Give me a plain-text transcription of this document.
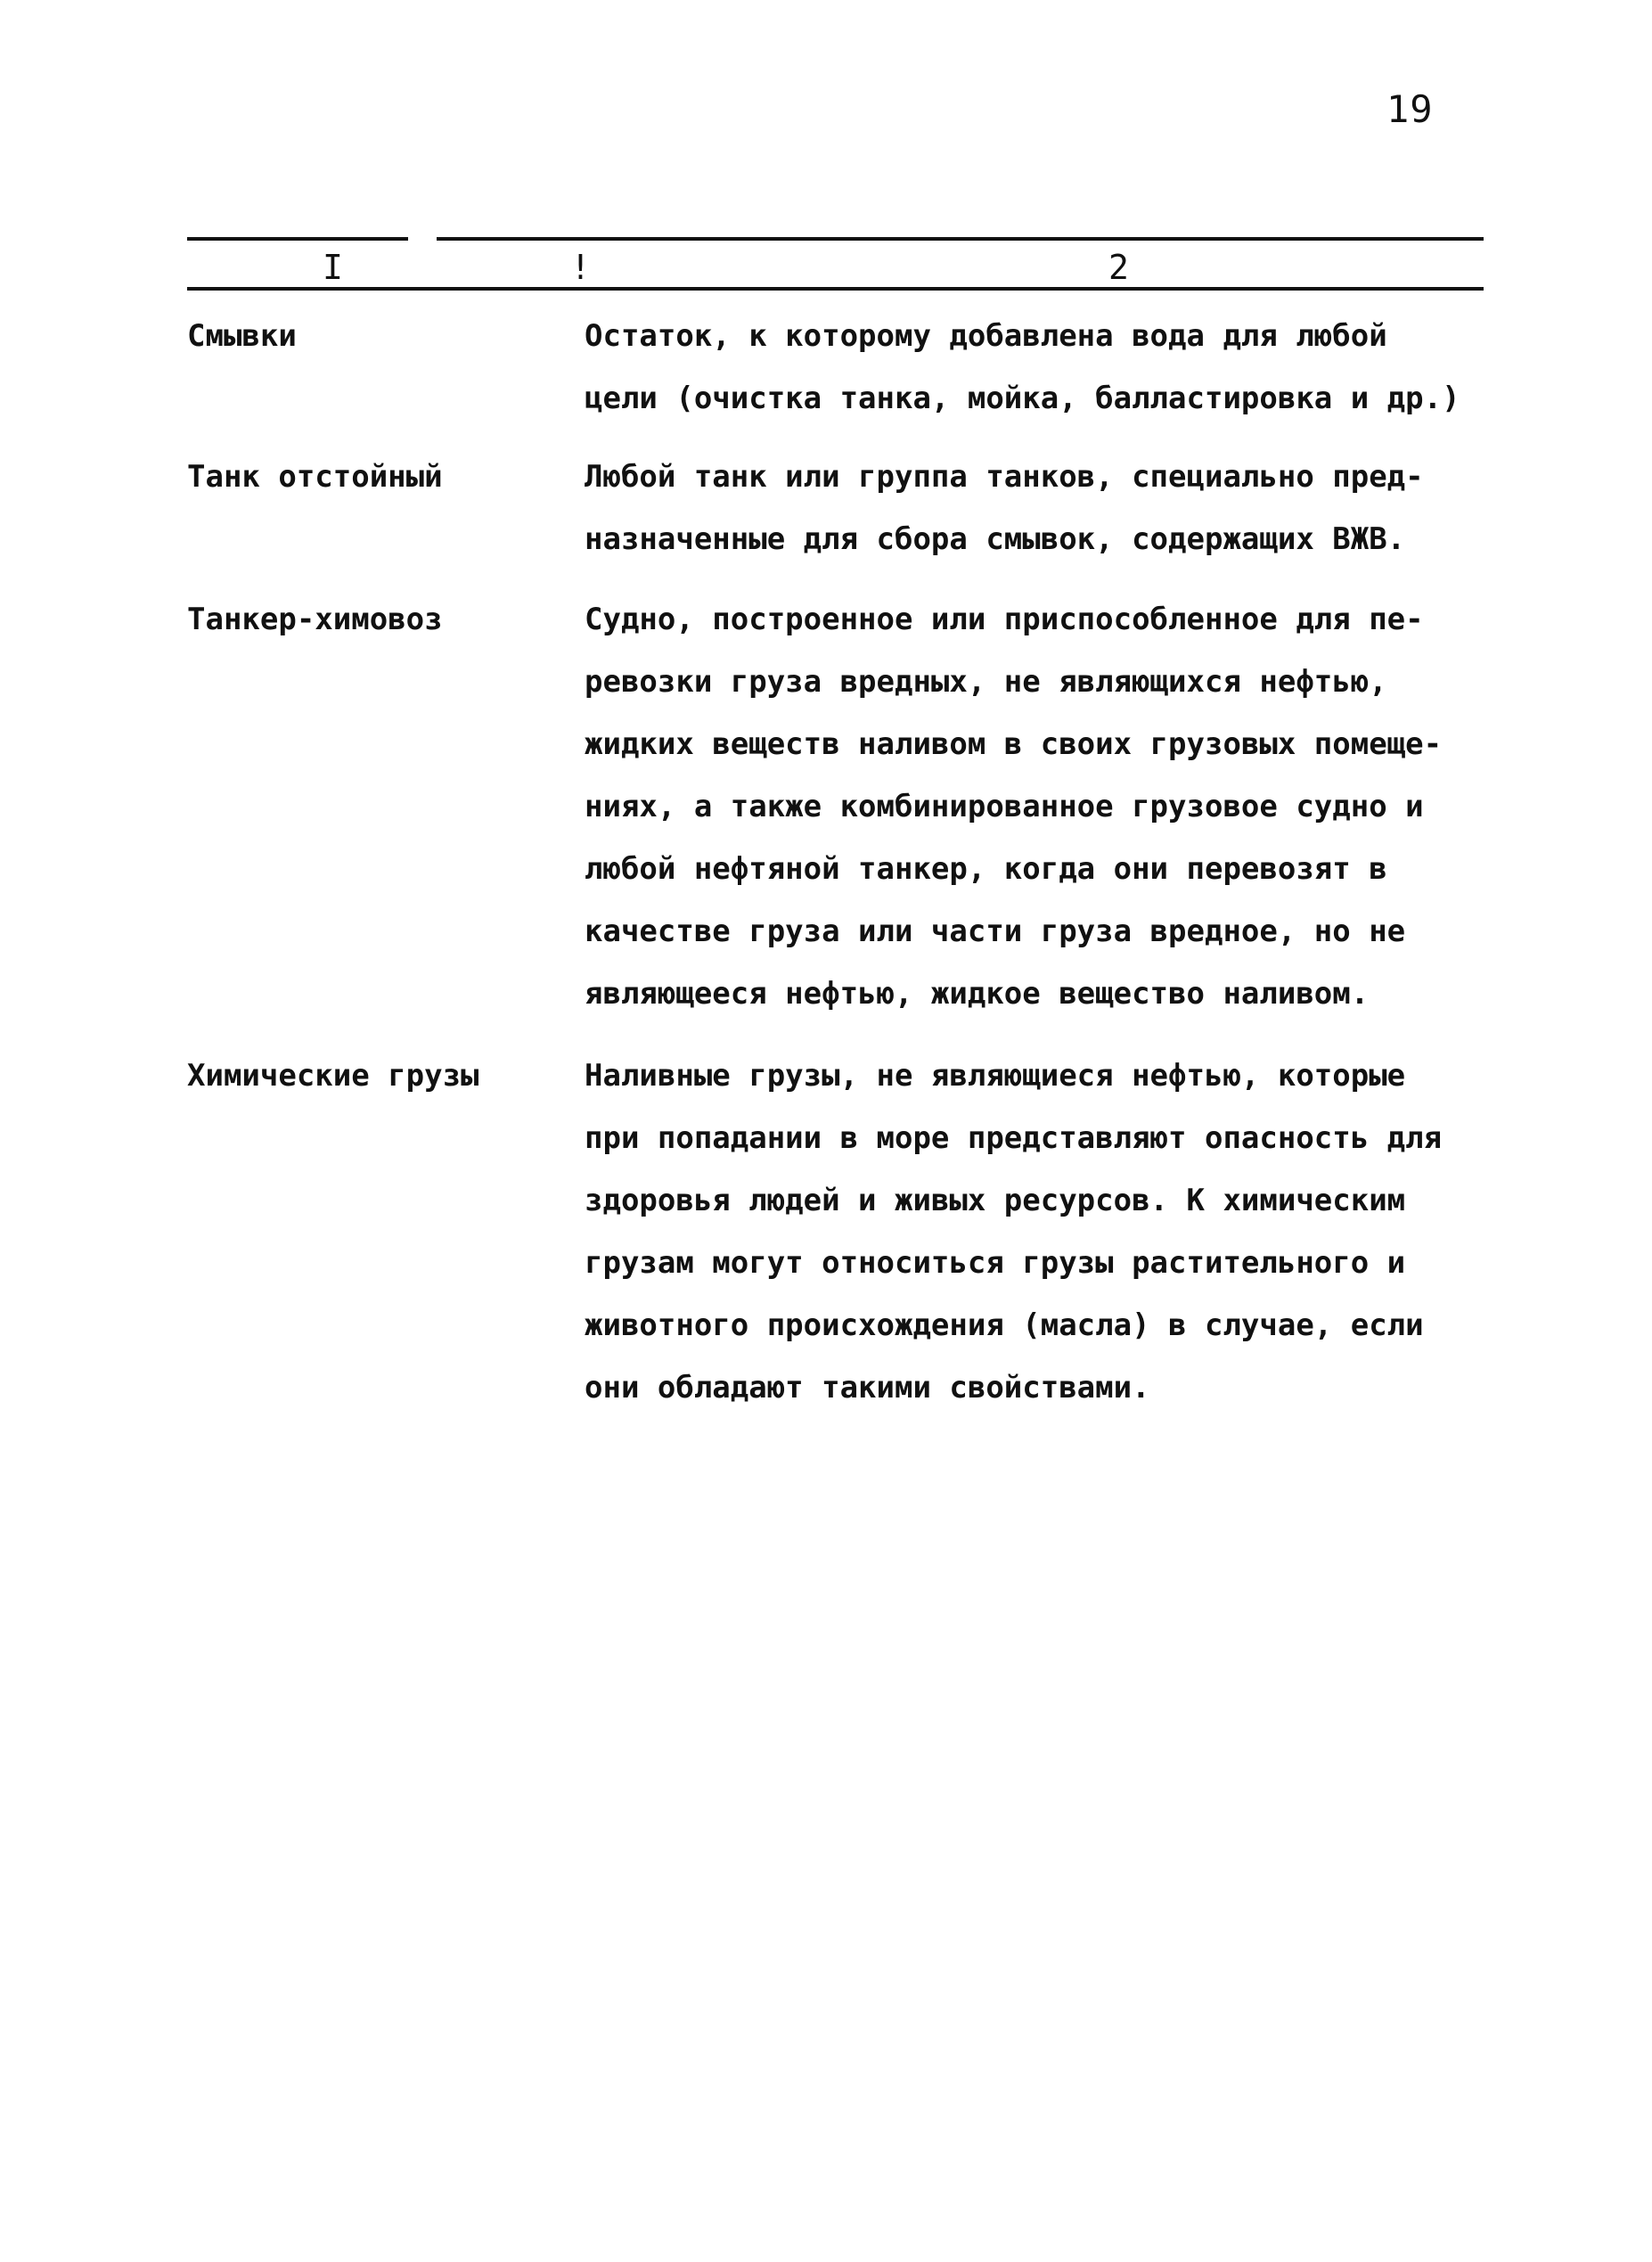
19
I	!	2
Смывки	Остаток, к которому добавлена вода для любой
цели (очистка танка, мойка, балластировка и др.)
Танк отстойный	Любой танк или группа танков, специально пред-
назначенные для сбора смывок, содержащих ВЖВ.
Танкер-химовоз	Судно, построенное или приспособленное для пе-
ревозки груза вредных, не являющихся нефтью,
жидких веществ наливом в своих грузовых помеще-
ниях, а также комбинированное грузовое судно и
любой нефтяной танкер, когда они перевозят в
качестве груза или части груза вредное, но не
являющееся нефтью, жидкое вещество наливом.
Химические грузы	Наливные грузы, не являющиеся нефтью, которые
при попадании в море представляют опасность для
здоровья людей и живых ресурсов. К химическим
грузам могут относиться грузы растительного и
животного происхождения (масла) в случае, если
они обладают такими свойствами.
